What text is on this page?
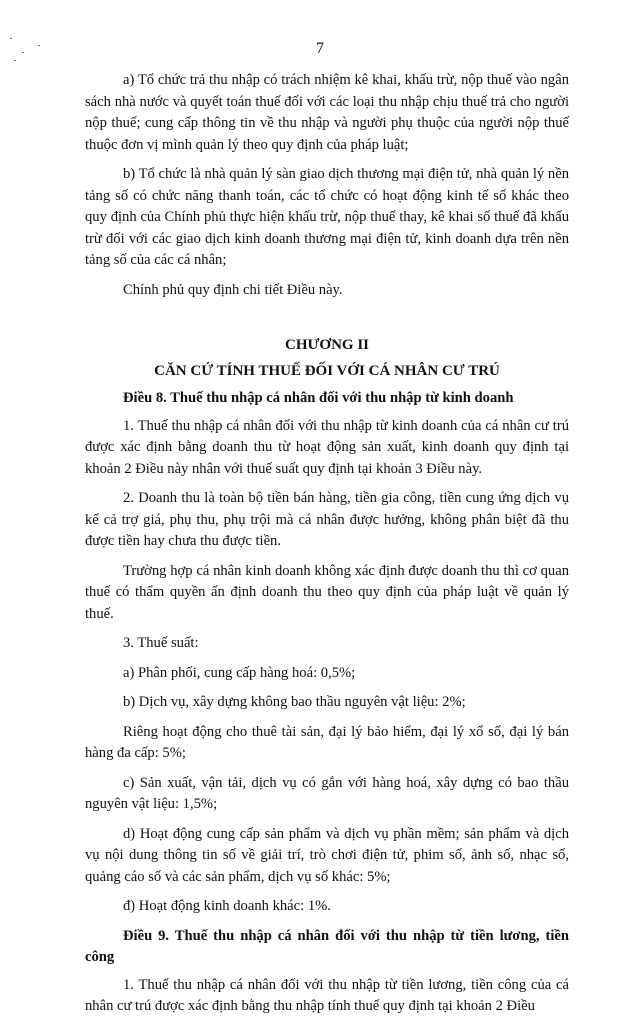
7

a) Tổ chức trả thu nhập có trách nhiệm kê khai, khấu trừ, nộp thuế vào ngân sách nhà nước và quyết toán thuế đối với các loại thu nhập chịu thuế trả cho người nộp thuế; cung cấp thông tin về thu nhập và người phụ thuộc của người nộp thuế thuộc đơn vị mình quản lý theo quy định của pháp luật;

b) Tổ chức là nhà quản lý sàn giao dịch thương mại điện tử, nhà quản lý nền tảng số có chức năng thanh toán, các tổ chức có hoạt động kinh tế số khác theo quy định của Chính phủ thực hiện khấu trừ, nộp thuế thay, kê khai số thuế đã khấu trừ đối với các giao dịch kinh doanh thương mại điện tử, kinh doanh dựa trên nền tảng số của các cá nhân;

Chính phủ quy định chi tiết Điều này.

CHƯƠNG II
CĂN CỨ TÍNH THUẾ ĐỐI VỚI CÁ NHÂN CƯ TRÚ

Điều 8. Thuế thu nhập cá nhân đối với thu nhập từ kinh doanh

1. Thuế thu nhập cá nhân đối với thu nhập từ kinh doanh của cá nhân cư trú được xác định bằng doanh thu từ hoạt động sản xuất, kinh doanh quy định tại khoản 2 Điều này nhân với thuế suất quy định tại khoản 3 Điều này.

2. Doanh thu là toàn bộ tiền bán hàng, tiền gia công, tiền cung ứng dịch vụ kể cả trợ giá, phụ thu, phụ trội mà cá nhân được hưởng, không phân biệt đã thu được tiền hay chưa thu được tiền.

Trường hợp cá nhân kinh doanh không xác định được doanh thu thì cơ quan thuế có thẩm quyền ấn định doanh thu theo quy định của pháp luật về quản lý thuế.

3. Thuế suất:

a) Phân phối, cung cấp hàng hoá: 0,5%;

b) Dịch vụ, xây dựng không bao thầu nguyên vật liệu: 2%;

Riêng hoạt động cho thuê tài sản, đại lý bảo hiểm, đại lý xổ số, đại lý bán hàng đa cấp: 5%;

c) Sản xuất, vận tải, dịch vụ có gắn với hàng hoá, xây dựng có bao thầu nguyên vật liệu: 1,5%;

d) Hoạt động cung cấp sản phẩm và dịch vụ phần mềm; sản phẩm và dịch vụ nội dung thông tin số về giải trí, trò chơi điện tử, phim số, ảnh số, nhạc số, quảng cáo số và các sản phẩm, dịch vụ số khác: 5%;

đ) Hoạt động kinh doanh khác: 1%.

Điều 9. Thuế thu nhập cá nhân đối với thu nhập từ tiền lương, tiền công

1. Thuế thu nhập cá nhân đối với thu nhập từ tiền lương, tiền công của cá nhân cư trú được xác định bằng thu nhập tính thuế quy định tại khoản 2 Điều
